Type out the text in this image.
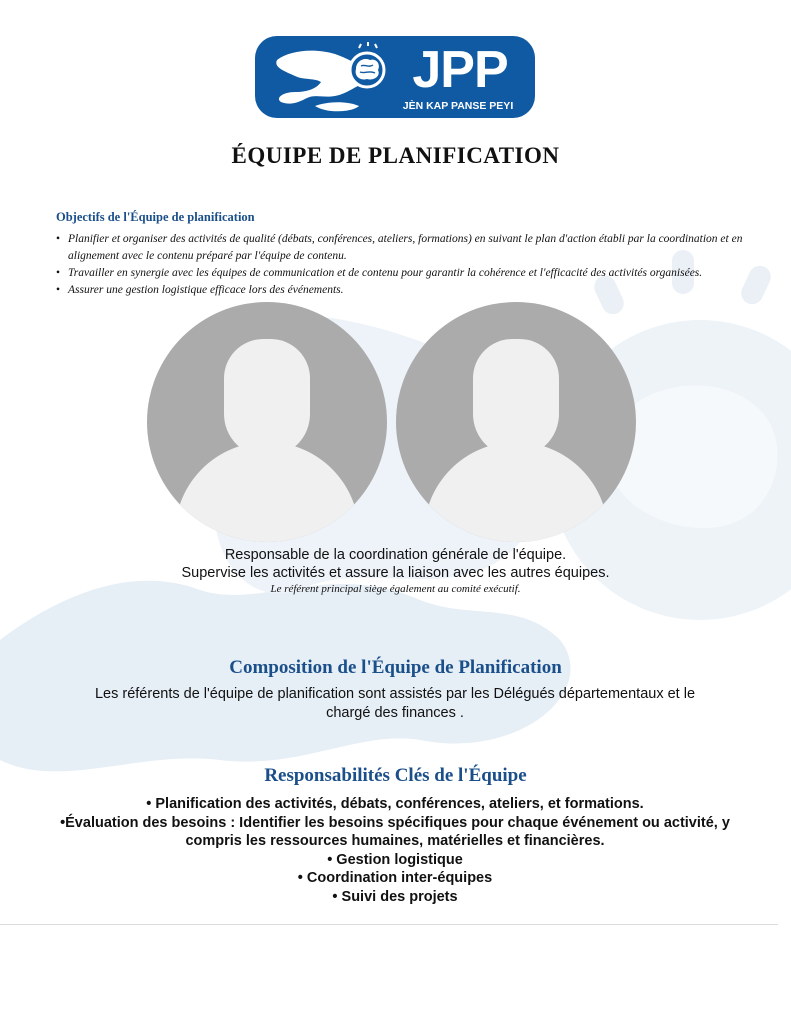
JPP
JÈN KAP PANSE PEYI
ÉQUIPE DE PLANIFICATION
Objectifs de l'Équipe de planification
• Planifier et organiser des activités de qualité (débats, conférences, ateliers, formations) en suivant le plan d'action établi par la coordination et en alignement avec le contenu préparé par l'équipe de contenu.
• Travailler en synergie avec les équipes de communication et de contenu pour garantir la cohérence et l'efficacité des activités organisées.
• Assurer une gestion logistique efficace lors des événements.
Responsable de la coordination générale de l'équipe.
Supervise les activités et assure la liaison avec les autres équipes.
Le référent principal siège également au comité exécutif.
Composition de l'Équipe de Planification
Les référents de l'équipe de planification sont assistés par les Délégués départementaux et le chargé des finances .
Responsabilités Clés de l'Équipe
• Planification des activités, débats, conférences, ateliers, et formations.
•Évaluation des besoins : Identifier les besoins spécifiques pour chaque événement ou activité, y compris les ressources humaines, matérielles et financières.
• Gestion logistique
• Coordination inter-équipes
• Suivi des projets
